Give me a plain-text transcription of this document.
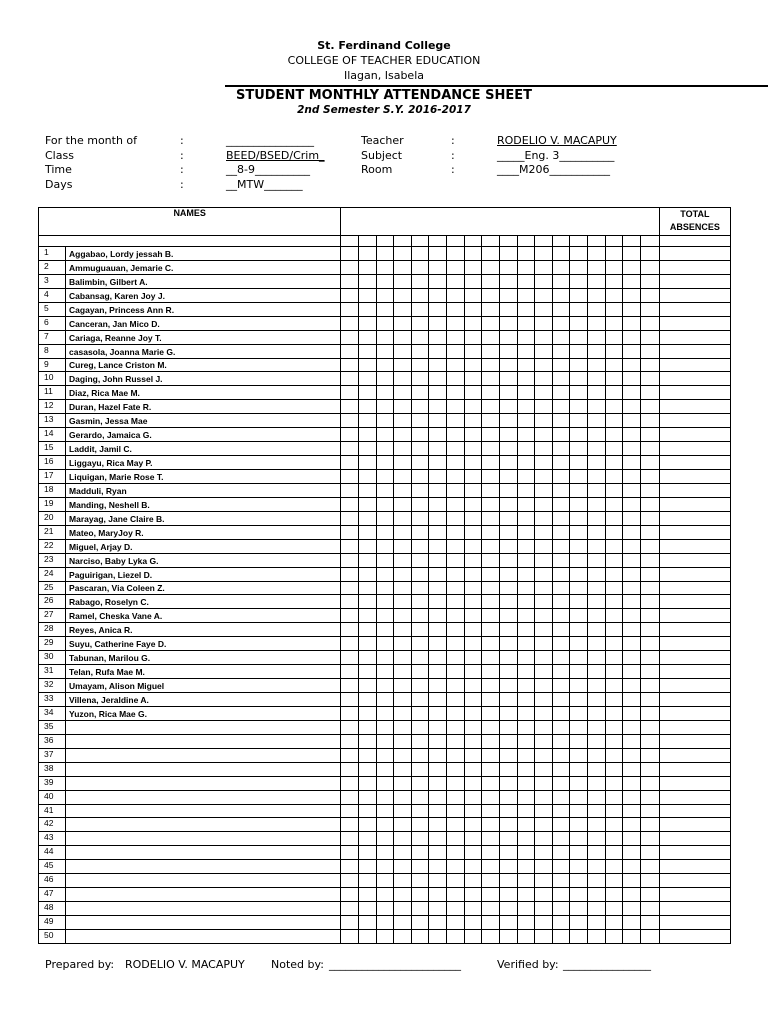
St. Ferdinand College
COLLEGE OF TEACHER EDUCATION
Ilagan, Isabela
STUDENT MONTHLY ATTENDANCE SHEET
2nd Semester S.Y. 2016-2017
For the month of	:	________________
Class	:	BEED/BSED/Crim_
Time	:	__8-9__________
Days	:	__MTW_______
Teacher	:	RODELIO V. MACAPUY
Subject	:	_____Eng. 3__________
Room	:	____M206___________
NAMES																				TOTAL
ABSENCES

1	Aggabao, Lordy jessah B.																			
2	Ammuguauan, Jemarie C.																			
3	Balimbin, Gilbert A.																			
4	Cabansag, Karen Joy J.																			
5	Cagayan, Princess Ann R.																			
6	Canceran, Jan Mico D.																			
7	Cariaga, Reanne Joy T.																			
8	casasola, Joanna Marie G.																			
9	Cureg, Lance Criston M.																			
10	Daging, John Russel J.																			
11	Diaz, Rica Mae M.																			
12	Duran, Hazel Fate R.																			
13	Gasmin, Jessa Mae																			
14	Gerardo, Jamaica G.																			
15	Laddit, Jamil C.																			
16	Liggayu, Rica May P.																			
17	Liquigan, Marie Rose T.																			
18	Madduli, Ryan																			
19	Manding, Neshell B.																			
20	Marayag, Jane Claire B.																			
21	Mateo, MaryJoy R.																			
22	Miguel, Arjay D.																			
23	Narciso, Baby Lyka G.																			
24	Paguirigan, Liezel D.																			
25	Pascaran, Via Coleen Z.																			
26	Rabago, Roselyn C.																			
27	Ramel, Cheska Vane A.																			
28	Reyes, Anica R.																			
29	Suyu, Catherine Faye D.																			
30	Tabunan, Marilou G.																			
31	Telan, Rufa Mae M.																			
32	Umayam, Alison Miguel																			
33	Villena, Jeraldine A.																			
34	Yuzon, Rica Mae G.																			
35																				
36																				
37																				
38																				
39																				
40																				
41																				
42																				
43																				
44																				
45																				
46																				
47																				
48																				
49																				
50																				
Prepared by: RODELIO V. MACAPUY Noted by: ________________________	Verified by: ________________
